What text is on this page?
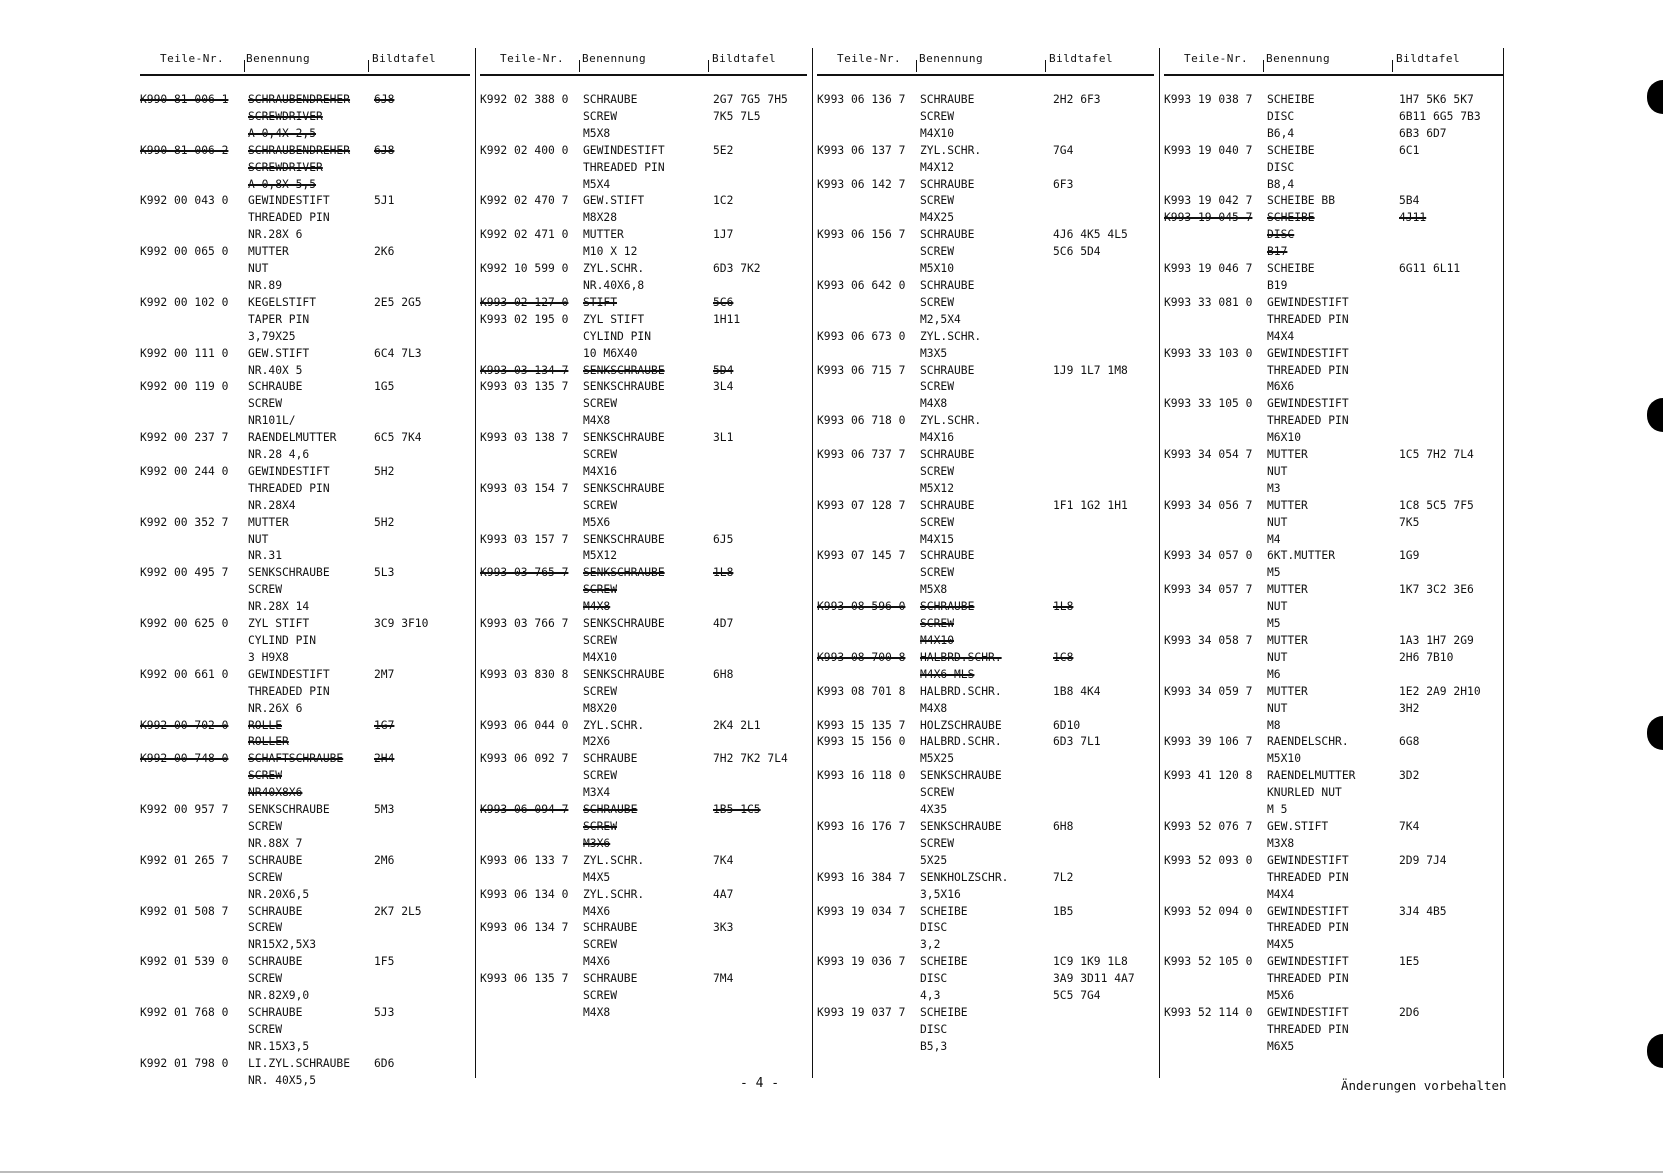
Teile-Nr. Benennung	Bildtafel
K990 81 006 1	SCHRAUBENDREHER	6J8
SCREWDRIVER
A 0,4X 2,5
K990 81 006 2	SCHRAUBENDREHER	6J8
SCREWDRIVER
A 0,8X 5,5
K992 00 043 0	GEWINDESTIFT	5J1
THREADED PIN
NR.28X 6
K992 00 065 0	MUTTER	2K6
NUT
NR.89
K992 00 102 0	KEGELSTIFT	2E5 2G5
TAPER PIN
3,79X25
K992 00 111 0	GEW.STIFT	6C4 7L3
NR.40X 5
K992 00 119 0	SCHRAUBE	1G5
SCREW
NR101L/
K992 00 237 7	RAENDELMUTTER	6C5 7K4
NR.28 4,6
K992 00 244 0	GEWINDESTIFT	5H2
THREADED PIN
NR.28X4
K992 00 352 7	MUTTER	5H2
NUT
NR.31
K992 00 495 7	SENKSCHRAUBE	5L3
SCREW
NR.28X 14
K992 00 625 0	ZYL STIFT	3C9 3F10
CYLIND PIN
3 H9X8
K992 00 661 0	GEWINDESTIFT	2M7
THREADED PIN
NR.26X 6
K992 00 702 0	ROLLE	1G7
ROLLER
K992 00 748 0	SCHAFTSCHRAUBE	2H4
SCREW
NR40X8X6
K992 00 957 7	SENKSCHRAUBE	5M3
SCREW
NR.88X 7
K992 01 265 7	SCHRAUBE	2M6
SCREW
NR.20X6,5
K992 01 508 7	SCHRAUBE	2K7 2L5
SCREW
NR15X2,5X3
K992 01 539 0	SCHRAUBE	1F5
SCREW
NR.82X9,0
K992 01 768 0	SCHRAUBE	5J3
SCREW
NR.15X3,5
K992 01 798 0	LI.ZYL.SCHRAUBE	6D6
NR. 40X5,5
Teile-Nr. Benennung	Bildtafel
K992 02 388 0	SCHRAUBE	2G7 7G5 7H5
SCREW	7K5 7L5
M5X8
K992 02 400 0	GEWINDESTIFT	5E2
THREADED PIN
M5X4
K992 02 470 7	GEW.STIFT	1C2
M8X28
K992 02 471 0	MUTTER	1J7
M10 X 12
K992 10 599 0	ZYL.SCHR.	6D3 7K2
NR.40X6,8
K993 02 127 0	STIFT	5C6
K993 02 195 0	ZYL STIFT	1H11
CYLIND PIN
10 M6X40
K993 03 134 7	SENKSCHRAUBE	5D4
K993 03 135 7	SENKSCHRAUBE	3L4
SCREW
M4X8
K993 03 138 7	SENKSCHRAUBE	3L1
SCREW
M4X16
K993 03 154 7	SENKSCHRAUBE
SCREW
M5X6
K993 03 157 7	SENKSCHRAUBE	6J5
M5X12
K993 03 765 7	SENKSCHRAUBE	1L8
SCREW
M4X8
K993 03 766 7	SENKSCHRAUBE	4D7
SCREW
M4X10
K993 03 830 8	SENKSCHRAUBE	6H8
SCREW
M8X20
K993 06 044 0	ZYL.SCHR.	2K4 2L1
M2X6
K993 06 092 7	SCHRAUBE	7H2 7K2 7L4
SCREW
M3X4
K993 06 094 7	SCHRAUBE	1B5 1C5
SCREW
M3X6
K993 06 133 7	ZYL.SCHR.	7K4
M4X5
K993 06 134 0	ZYL.SCHR.	4A7
M4X6
K993 06 134 7	SCHRAUBE	3K3
SCREW
M4X6
K993 06 135 7	SCHRAUBE	7M4
SCREW
M4X8
Teile-Nr. Benennung	Bildtafel
K993 06 136 7	SCHRAUBE	2H2 6F3
SCREW
M4X10
K993 06 137 7	ZYL.SCHR.	7G4
M4X12
K993 06 142 7	SCHRAUBE	6F3
SCREW
M4X25
K993 06 156 7	SCHRAUBE	4J6 4K5 4L5
SCREW	5C6 5D4
M5X10
K993 06 642 0	SCHRAUBE
SCREW
M2,5X4
K993 06 673 0	ZYL.SCHR.
M3X5
K993 06 715 7	SCHRAUBE	1J9 1L7 1M8
SCREW
M4X8
K993 06 718 0	ZYL.SCHR.
M4X16
K993 06 737 7	SCHRAUBE
SCREW
M5X12
K993 07 128 7	SCHRAUBE	1F1 1G2 1H1
SCREW
M4X15
K993 07 145 7	SCHRAUBE
SCREW
M5X8
K993 08 596 0	SCHRAUBE	1L8
SCREW
M4X10
K993 08 700 8	HALBRD.SCHR.	1C8
M4X6 MLS
K993 08 701 8	HALBRD.SCHR.	1B8 4K4
M4X8
K993 15 135 7	HOLZSCHRAUBE	6D10
K993 15 156 0	HALBRD.SCHR.	6D3 7L1
M5X25
K993 16 118 0	SENKSCHRAUBE
SCREW
4X35
K993 16 176 7	SENKSCHRAUBE	6H8
SCREW
5X25
K993 16 384 7	SENKHOLZSCHR.	7L2
3,5X16
K993 19 034 7	SCHEIBE	1B5
DISC
3,2
K993 19 036 7	SCHEIBE	1C9 1K9 1L8
DISC	3A9 3D11 4A7
4,3	5C5 7G4
K993 19 037 7	SCHEIBE
DISC
B5,3
Teile-Nr. Benennung	Bildtafel
K993 19 038 7	SCHEIBE	1H7 5K6 5K7
DISC	6B11 6G5 7B3
B6,4	6B3 6D7
K993 19 040 7	SCHEIBE	6C1
DISC
B8,4
K993 19 042 7	SCHEIBE BB	5B4
K993 19 045 7	SCHEIBE	4J11
DISC
B17
K993 19 046 7	SCHEIBE	6G11 6L11
B19
K993 33 081 0	GEWINDESTIFT
THREADED PIN
M4X4
K993 33 103 0	GEWINDESTIFT
THREADED PIN
M6X6
K993 33 105 0	GEWINDESTIFT
THREADED PIN
M6X10
K993 34 054 7	MUTTER	1C5 7H2 7L4
NUT
M3
K993 34 056 7	MUTTER	1C8 5C5 7F5
NUT	7K5
M4
K993 34 057 0	6KT.MUTTER	1G9
M5
K993 34 057 7	MUTTER	1K7 3C2 3E6
NUT
M5
K993 34 058 7	MUTTER	1A3 1H7 2G9
NUT	2H6 7B10
M6
K993 34 059 7	MUTTER	1E2 2A9 2H10
NUT	3H2
M8
K993 39 106 7	RAENDELSCHR.	6G8
M5X10
K993 41 120 8	RAENDELMUTTER	3D2
KNURLED NUT
M 5
K993 52 076 7	GEW.STIFT	7K4
M3X8
K993 52 093 0	GEWINDESTIFT	2D9 7J4
THREADED PIN
M4X4
K993 52 094 0	GEWINDESTIFT	3J4 4B5
THREADED PIN
M4X5
K993 52 105 0	GEWINDESTIFT	1E5
THREADED PIN
M5X6
K993 52 114 0	GEWINDESTIFT	2D6
THREADED PIN
M6X5
- 4 -	Änderungen vorbehalten
